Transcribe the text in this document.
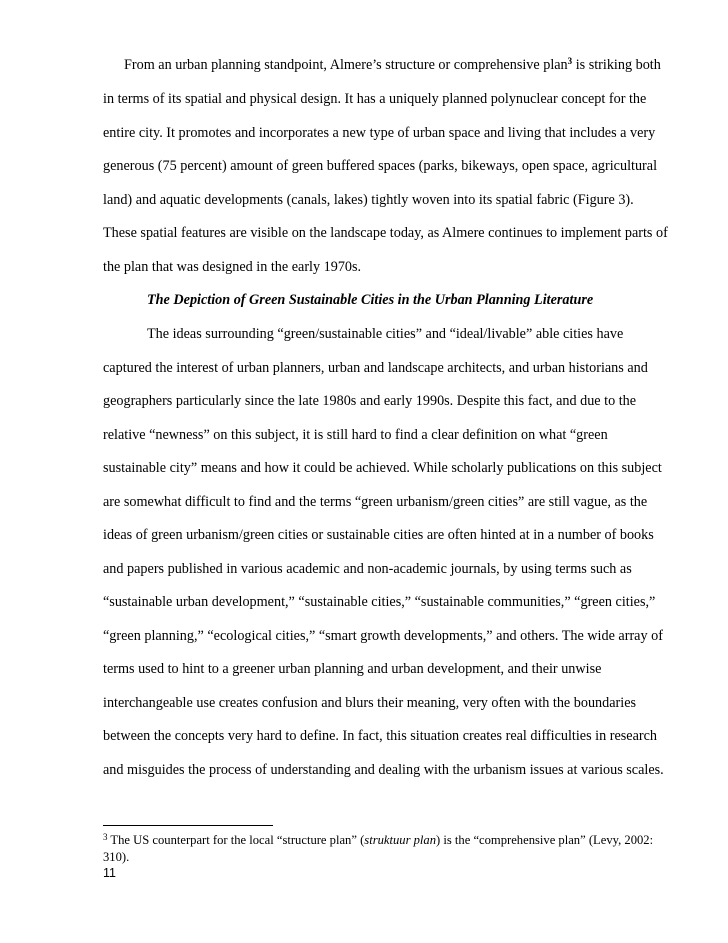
From an urban planning standpoint, Almere’s structure or comprehensive plan$^3$ is striking both
in terms of its spatial and physical design. It has a uniquely planned polynuclear concept for the
entire city. It promotes and incorporates a new type of urban space and living that includes a very
generous (75 percent) amount of green buffered spaces (parks, bikeways, open space, agricultural
land) and aquatic developments (canals, lakes) tightly woven into its spatial fabric (Figure 3).
These spatial features are visible on the landscape today, as Almere continues to implement parts of
the plan that was designed in the early 1970s.
The Depiction of Green Sustainable Cities in the Urban Planning Literature
The ideas surrounding “green/sustainable cities” and “ideal/livable” able cities have
captured the interest of urban planners, urban and landscape architects, and urban historians and
geographers particularly since the late 1980s and early 1990s. Despite this fact, and due to the
relative “newness” on this subject, it is still hard to find a clear definition on what “green
sustainable city” means and how it could be achieved. While scholarly publications on this subject
are somewhat difficult to find and the terms “green urbanism/green cities” are still vague, as the
ideas of green urbanism/green cities or sustainable cities are often hinted at in a number of books
and papers published in various academic and non-academic journals, by using terms such as
“sustainable urban development,” “sustainable cities,” “sustainable communities,” “green cities,”
“green planning,” “ecological cities,” “smart growth developments,” and others. The wide array of
terms used to hint to a greener urban planning and urban development, and their unwise
interchangeable use creates confusion and blurs their meaning, very often with the boundaries
between the concepts very hard to define. In fact, this situation creates real difficulties in research
and misguides the process of understanding and dealing with the urbanism issues at various scales.
$^3$ The US counterpart for the local “structure plan” (struktuur plan) is the “comprehensive plan” (Levy, 2002:
310).
11
